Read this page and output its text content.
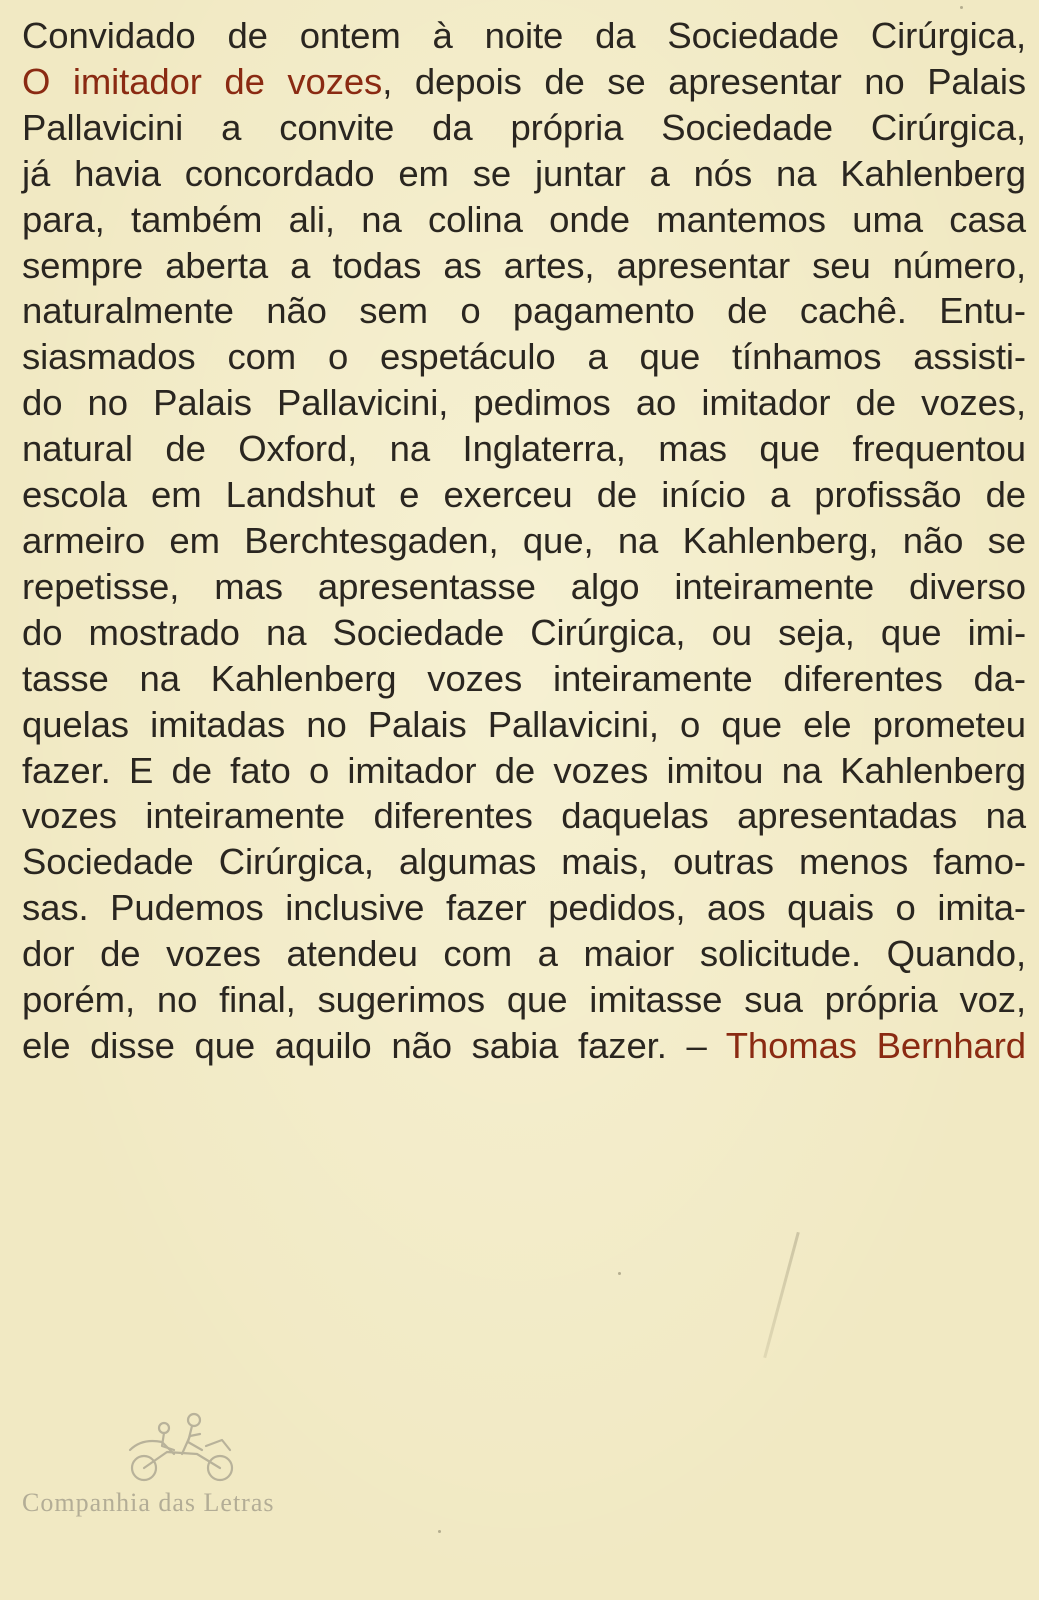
Convidado de ontem à noite da Sociedade Cirúrgica,
O imitador de vozes, depois de se apresentar no Palais
Pallavicini a convite da própria Sociedade Cirúrgica,
já havia concordado em se juntar a nós na Kahlenberg
para, também ali, na colina onde mantemos uma casa
sempre aberta a todas as artes, apresentar seu número,
naturalmente não sem o pagamento de cachê. Entu-
siasmados com o espetáculo a que tínhamos assisti-
do no Palais Pallavicini, pedimos ao imitador de vozes,
natural de Oxford, na Inglaterra, mas que frequentou
escola em Landshut e exerceu de início a profissão de
armeiro em Berchtesgaden, que, na Kahlenberg, não se
repetisse, mas apresentasse algo inteiramente diverso
do mostrado na Sociedade Cirúrgica, ou seja, que imi-
tasse na Kahlenberg vozes inteiramente diferentes da-
quelas imitadas no Palais Pallavicini, o que ele prometeu
fazer. E de fato o imitador de vozes imitou na Kahlenberg
vozes inteiramente diferentes daquelas apresentadas na
Sociedade Cirúrgica, algumas mais, outras menos famo-
sas. Pudemos inclusive fazer pedidos, aos quais o imita-
dor de vozes atendeu com a maior solicitude. Quando,
porém, no final, sugerimos que imitasse sua própria voz,
ele disse que aquilo não sabia fazer. – Thomas Bernhard
Companhia das Letras
